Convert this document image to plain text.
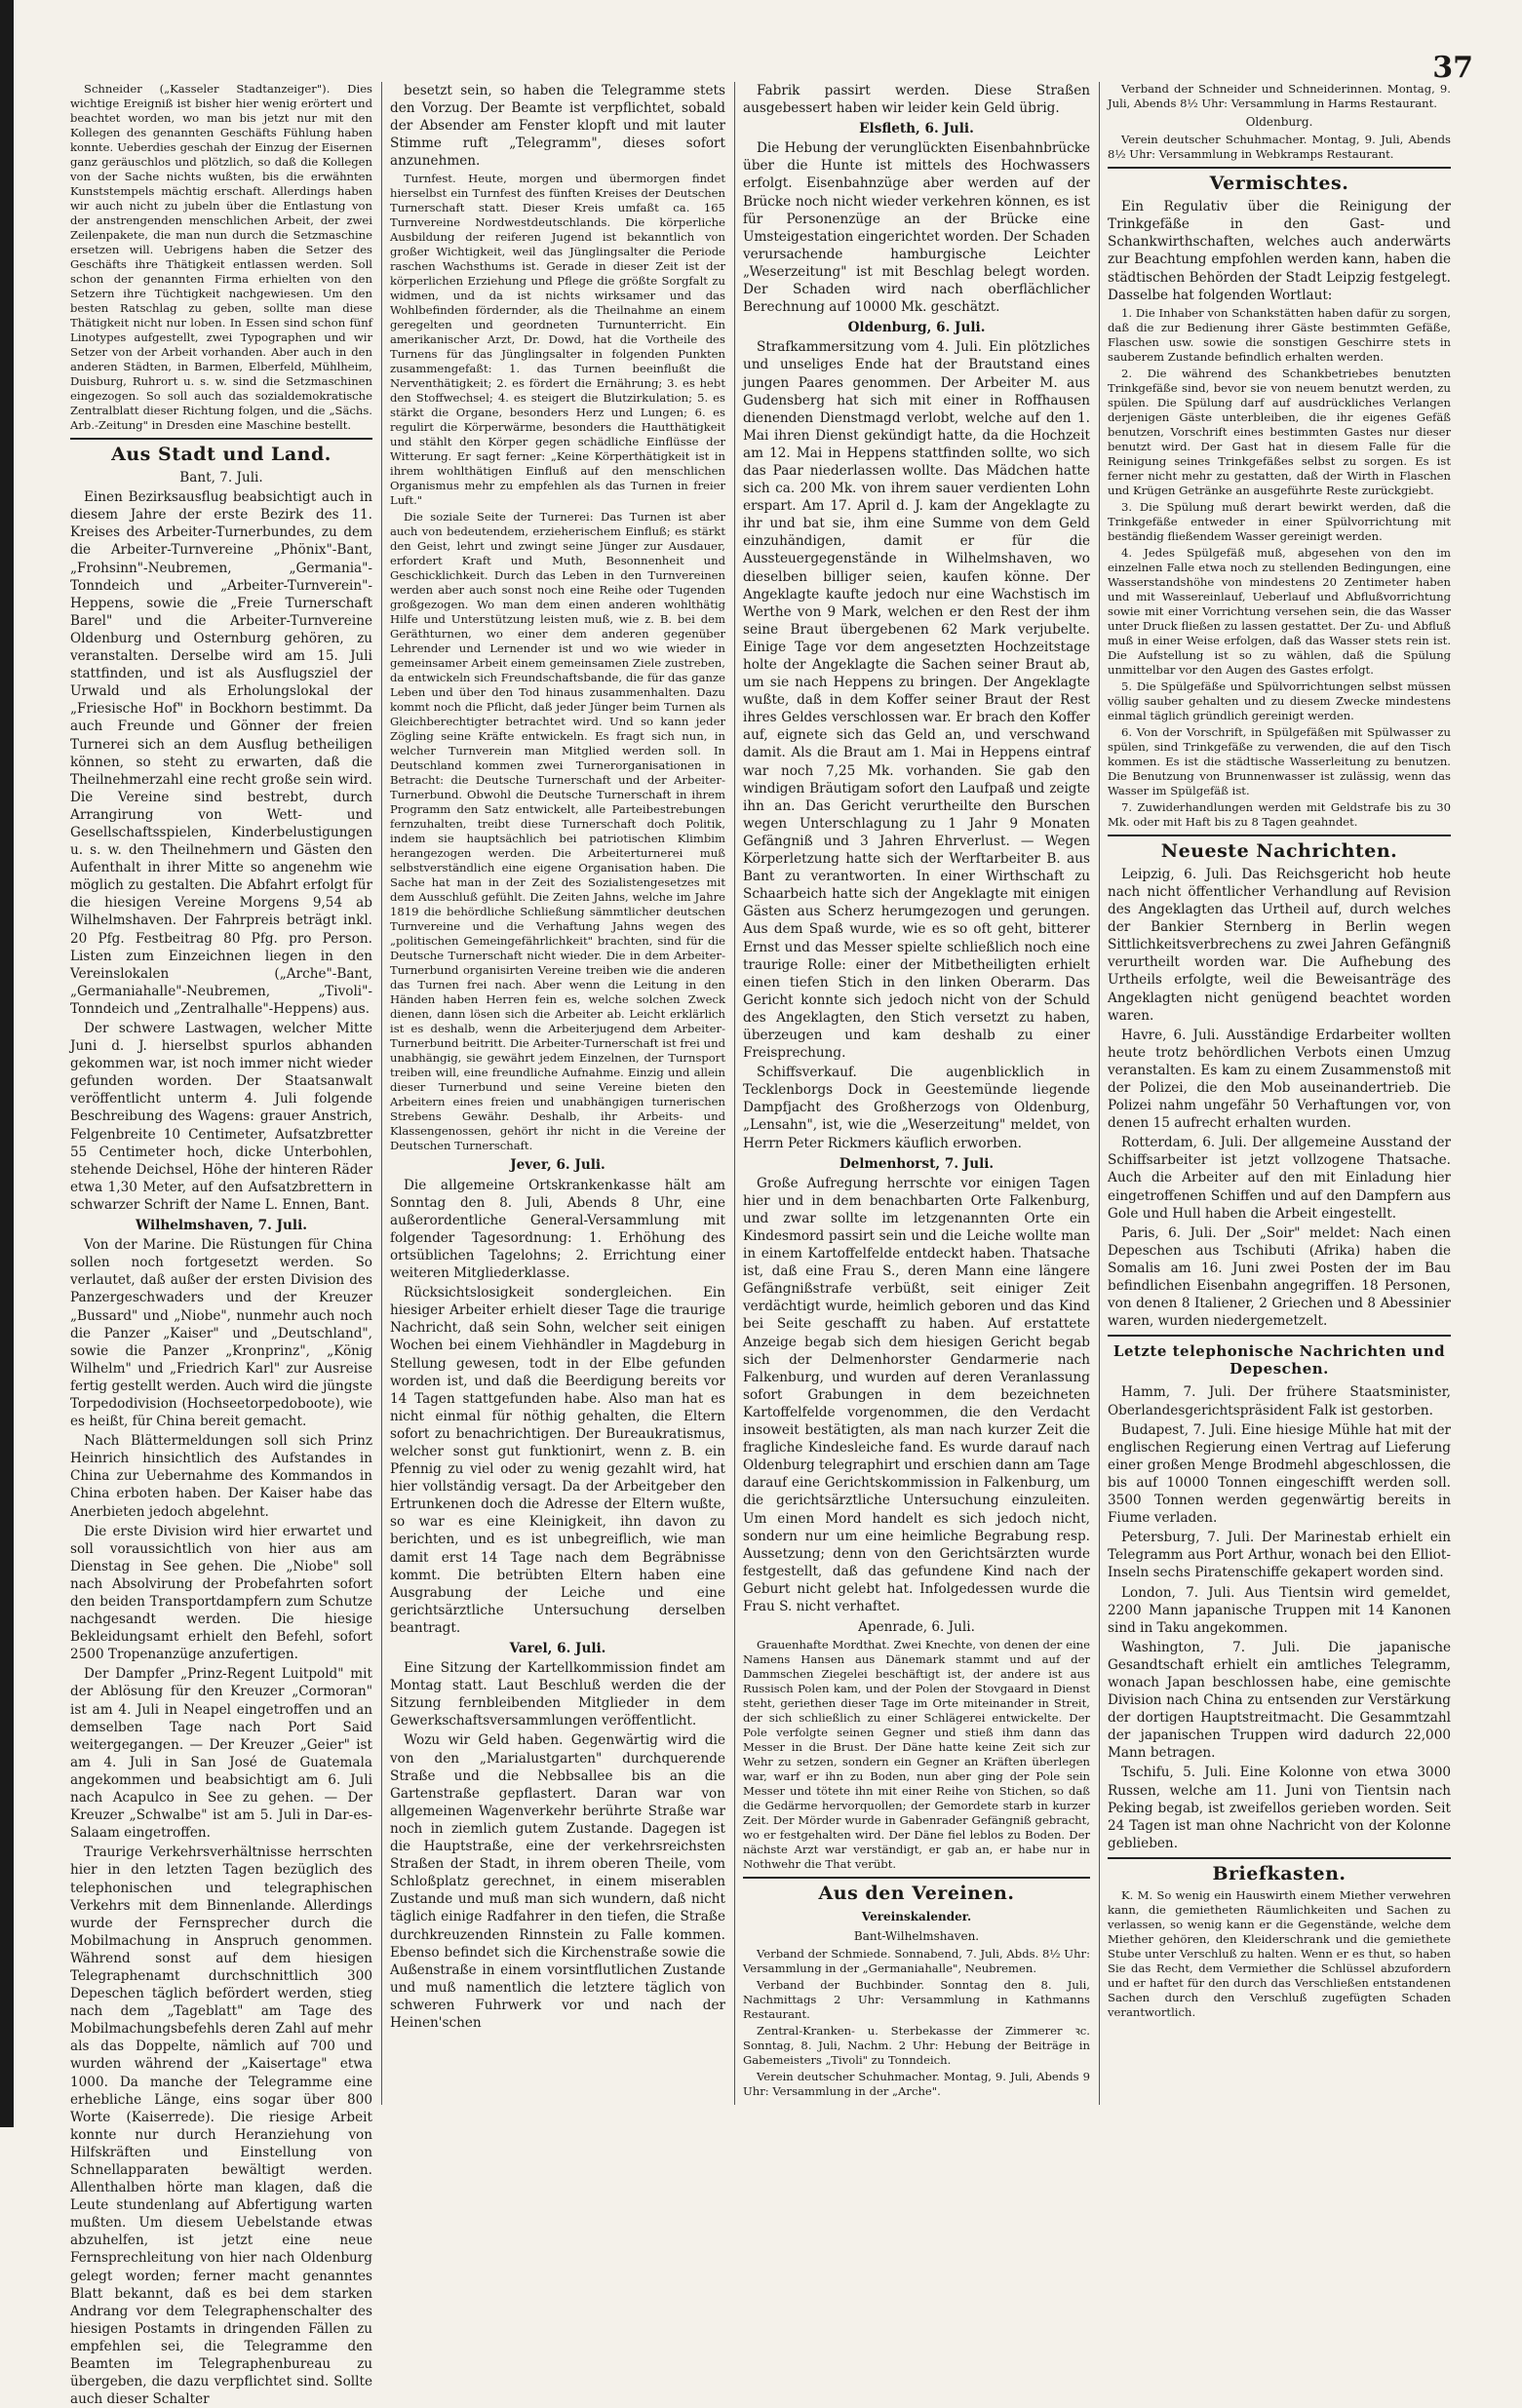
37

Schneider („Kasseler Stadtanzeiger"). Dies wichtige Ereigniß ist bisher hier wenig erörtert und beachtet worden, wo man bis jetzt nur mit den Kollegen des genannten Geschäfts Fühlung haben konnte. Ueberdies geschah der Einzug der Eisernen ganz geräuschlos und plötzlich, so daß die Kollegen von der Sache nichts wußten, bis die erwähnten Kunststempels mächtig erschaft. Allerdings haben wir auch nicht zu jubeln über die Entlastung von der anstrengenden menschlichen Arbeit, der zwei Zeilenpakete, die man nun durch die Setzmaschine ersetzen will. Uebrigens haben die Setzer des Geschäfts ihre Thätigkeit entlassen werden. Soll schon der genannten Firma erhielten von den Setzern ihre Tüchtigkeit nachgewiesen. Um den besten Ratschlag zu geben, sollte man diese Thätigkeit nicht nur loben. In Essen sind schon fünf Linotypes aufgestellt, zwei Typographen und wir Setzer von der Arbeit vorhanden. Aber auch in den anderen Städten, in Barmen, Elberfeld, Mühlheim, Duisburg, Ruhrort u. s. w. sind die Setzmaschinen eingezogen. So soll auch das sozialdemokratische Zentralblatt dieser Richtung folgen, und die „Sächs. Arb.-Zeitung" in Dresden eine Maschine bestellt.

Aus Stadt und Land.
Bant, 7. Juli.

Einen Bezirksausflug beabsichtigt auch in diesem Jahre der erste Bezirk des 11. Kreises des Arbeiter-Turnerbundes, zu dem die Arbeiter-Turnvereine „Phönix"-Bant, „Frohsinn"-Neubremen, „Germania"-Tonndeich und „Arbeiter-Turnverein"-Heppens, sowie die „Freie Turnerschaft Barel" und die Arbeiter-Turnvereine Oldenburg und Osternburg gehören, zu veranstalten. Derselbe wird am 15. Juli stattfinden, und ist als Ausflugsziel der Urwald und als Erholungslokal der „Friesische Hof" in Bockhorn bestimmt. Da auch Freunde und Gönner der freien Turnerei sich an dem Ausflug betheiligen können, so steht zu erwarten, daß die Theilnehmerzahl eine recht große sein wird. Die Vereine sind bestrebt, durch Arrangirung von Wett- und Gesellschaftsspielen, Kinderbelustigungen u. s. w. den Theilnehmern und Gästen den Aufenthalt in ihrer Mitte so angenehm wie möglich zu gestalten. Die Abfahrt erfolgt für die hiesigen Vereine Morgens 9,54 ab Wilhelmshaven. Der Fahrpreis beträgt inkl. 20 Pfg. Festbeitrag 80 Pfg. pro Person. Listen zum Einzeichnen liegen in den Vereinslokalen („Arche"-Bant, „Germaniahalle"-Neubremen, „Tivoli"-Tonndeich und „Zentralhalle"-Heppens) aus.

Der schwere Lastwagen, welcher Mitte Juni d. J. hierselbst spurlos abhanden gekommen war, ist noch immer nicht wieder gefunden worden. Der Staatsanwalt veröffentlicht unterm 4. Juli folgende Beschreibung des Wagens: grauer Anstrich, Felgenbreite 10 Centimeter, Aufsatzbretter 55 Centimeter hoch, dicke Unterbohlen, stehende Deichsel, Höhe der hinteren Räder etwa 1,30 Meter, auf den Aufsatzbrettern in schwarzer Schrift der Name L. Ennen, Bant.

Wilhelmshaven, 7. Juli.

Von der Marine. Die Rüstungen für China sollen noch fortgesetzt werden. So verlautet, daß außer der ersten Division des Panzergeschwaders und der Kreuzer „Bussard" und „Niobe", nunmehr auch noch die Panzer „Kaiser" und „Deutschland", sowie die Panzer „Kronprinz", „König Wilhelm" und „Friedrich Karl" zur Ausreise fertig gestellt werden. Auch wird die jüngste Torpedodivision (Hochseetorpedoboote), wie es heißt, für China bereit gemacht.

Nach Blättermeldungen soll sich Prinz Heinrich hinsichtlich des Aufstandes in China zur Uebernahme des Kommandos in China erboten haben. Der Kaiser habe das Anerbieten jedoch abgelehnt.

Die erste Division wird hier erwartet und soll voraussichtlich von hier aus am Dienstag in See gehen. Die „Niobe" soll nach Absolvirung der Probefahrten sofort den beiden Transportdampfern zum Schutze nachgesandt werden. Die hiesige Bekleidungsamt erhielt den Befehl, sofort 2500 Tropenanzüge anzufertigen.

Der Dampfer „Prinz-Regent Luitpold" mit der Ablösung für den Kreuzer „Cormoran" ist am 4. Juli in Neapel eingetroffen und an demselben Tage nach Port Said weitergegangen. — Der Kreuzer „Geier" ist am 4. Juli in San José de Guatemala angekommen und beabsichtigt am 6. Juli nach Acapulco in See zu gehen. — Der Kreuzer „Schwalbe" ist am 5. Juli in Dar-es-Salaam eingetroffen.

Traurige Verkehrsverhältnisse herrschten hier in den letzten Tagen bezüglich des telephonischen und telegraphischen Verkehrs mit dem Binnenlande. Allerdings wurde der Fernsprecher durch die Mobilmachung in Anspruch genommen. Während sonst auf dem hiesigen Telegraphenamt durchschnittlich 300 Depeschen täglich befördert werden, stieg nach dem „Tageblatt" am Tage des Mobilmachungsbefehls deren Zahl auf mehr als das Doppelte, nämlich auf 700 und wurden während der „Kaisertage" etwa 1000. Da manche der Telegramme eine erhebliche Länge, eins sogar über 800 Worte (Kaiserrede). Die riesige Arbeit konnte nur durch Heranziehung von Hilfskräften und Einstellung von Schnellapparaten bewältigt werden. Allenthalben hörte man klagen, daß die Leute stundenlang auf Abfertigung warten mußten. Um diesem Uebelstande etwas abzuhelfen, ist jetzt eine neue Fernsprechleitung von hier nach Oldenburg gelegt worden; ferner macht genanntes Blatt bekannt, daß es bei dem starken Andrang vor dem Telegraphenschalter des hiesigen Postamts in dringenden Fällen zu empfehlen sei, die Telegramme den Beamten im Telegraphenbureau zu übergeben, die dazu verpflichtet sind. Sollte auch dieser Schalter

besetzt sein, so haben die Telegramme stets den Vorzug. Der Beamte ist verpflichtet, sobald der Absender am Fenster klopft und mit lauter Stimme ruft „Telegramm", dieses sofort anzunehmen.

Turnfest. Heute, morgen und übermorgen findet hierselbst ein Turnfest des fünften Kreises der Deutschen Turnerschaft statt. Dieser Kreis umfaßt ca. 165 Turnvereine Nordwestdeutschlands. Die körperliche Ausbildung der reiferen Jugend ist bekanntlich von großer Wichtigkeit, weil das Jünglingsalter die Periode raschen Wachsthums ist. Gerade in dieser Zeit ist der körperlichen Erziehung und Pflege die größte Sorgfalt zu widmen, und da ist nichts wirksamer und das Wohlbefinden fördernder, als die Theilnahme an einem geregelten und geordneten Turnunterricht. Ein amerikanischer Arzt, Dr. Dowd, hat die Vortheile des Turnens für das Jünglingsalter in folgenden Punkten zusammengefaßt: 1. das Turnen beeinflußt die Nerventhätigkeit; 2. es fördert die Ernährung; 3. es hebt den Stoffwechsel; 4. es steigert die Blutzirkulation; 5. es stärkt die Organe, besonders Herz und Lungen; 6. es regulirt die Körperwärme, besonders die Hautthätigkeit und stählt den Körper gegen schädliche Einflüsse der Witterung. Er sagt ferner: „Keine Körperthätigkeit ist in ihrem wohlthätigen Einfluß auf den menschlichen Organismus mehr zu empfehlen als das Turnen in freier Luft."

Die soziale Seite der Turnerei: Das Turnen ist aber auch von bedeutendem, erzieherischem Einfluß; es stärkt den Geist, lehrt und zwingt seine Jünger zur Ausdauer, erfordert Kraft und Muth, Besonnenheit und Geschicklichkeit. Durch das Leben in den Turnvereinen werden aber auch sonst noch eine Reihe oder Tugenden großgezogen. Wo man dem einen anderen wohlthätig Hilfe und Unterstützung leisten muß, wie z. B. bei dem Geräthturnen, wo einer dem anderen gegenüber Lehrender und Lernender ist und wo wie wieder in gemeinsamer Arbeit einem gemeinsamen Ziele zustreben, da entwickeln sich Freundschaftsbande, die für das ganze Leben und über den Tod hinaus zusammenhalten. Dazu kommt noch die Pflicht, daß jeder Jünger beim Turnen als Gleichberechtigter betrachtet wird. Und so kann jeder Zögling seine Kräfte entwickeln. Es fragt sich nun, in welcher Turnverein man Mitglied werden soll. In Deutschland kommen zwei Turnerorganisationen in Betracht: die Deutsche Turnerschaft und der Arbeiter-Turnerbund. Obwohl die Deutsche Turnerschaft in ihrem Programm den Satz entwickelt, alle Parteibestrebungen fernzuhalten, treibt diese Turnerschaft doch Politik, indem sie hauptsächlich bei patriotischen Klimbim herangezogen werden. Die Arbeiterturnerei muß selbstverständlich eine eigene Organisation haben. Die Sache hat man in der Zeit des Sozialistengesetzes mit dem Ausschluß gefühlt. Die Zeiten Jahns, welche im Jahre 1819 die behördliche Schließung sämmtlicher deutschen Turnvereine und die Verhaftung Jahns wegen des „politischen Gemeingefährlichkeit" brachten, sind für die Deutsche Turnerschaft nicht wieder. Die in dem Arbeiter-Turnerbund organisirten Vereine treiben wie die anderen das Turnen frei nach. Aber wenn die Leitung in den Händen haben Herren fein es, welche solchen Zweck dienen, dann lösen sich die Arbeiter ab. Leicht erklärlich ist es deshalb, wenn die Arbeiterjugend dem Arbeiter-Turnerbund beitritt. Die Arbeiter-Turnerschaft ist frei und unabhängig, sie gewährt jedem Einzelnen, der Turnsport treiben will, eine freundliche Aufnahme. Einzig und allein dieser Turnerbund und seine Vereine bieten den Arbeitern eines freien und unabhängigen turnerischen Strebens Gewähr. Deshalb, ihr Arbeits- und Klassengenossen, gehört ihr nicht in die Vereine der Deutschen Turnerschaft.

Jever, 6. Juli.

Die allgemeine Ortskrankenkasse hält am Sonntag den 8. Juli, Abends 8 Uhr, eine außerordentliche General-Versammlung mit folgender Tagesordnung: 1. Erhöhung des ortsüblichen Tagelohns; 2. Errichtung einer weiteren Mitgliederklasse.

Rücksichtslosigkeit sondergleichen. Ein hiesiger Arbeiter erhielt dieser Tage die traurige Nachricht, daß sein Sohn, welcher seit einigen Wochen bei einem Viehhändler in Magdeburg in Stellung gewesen, todt in der Elbe gefunden worden ist, und daß die Beerdigung bereits vor 14 Tagen stattgefunden habe. Also man hat es nicht einmal für nöthig gehalten, die Eltern sofort zu benachrichtigen. Der Bureaukratismus, welcher sonst gut funktionirt, wenn z. B. ein Pfennig zu viel oder zu wenig gezahlt wird, hat hier vollständig versagt. Da der Arbeitgeber den Ertrunkenen doch die Adresse der Eltern wußte, so war es eine Kleinigkeit, ihn davon zu berichten, und es ist unbegreiflich, wie man damit erst 14 Tage nach dem Begräbnisse kommt. Die betrübten Eltern haben eine Ausgrabung der Leiche und eine gerichtsärztliche Untersuchung derselben beantragt.

Varel, 6. Juli.

Eine Sitzung der Kartellkommission findet am Montag statt. Laut Beschluß werden die der Sitzung fernbleibenden Mitglieder in dem Gewerkschaftsversammlungen veröffentlicht.

Wozu wir Geld haben. Gegenwärtig wird die von den „Marialustgarten" durchquerende Straße und die Nebbsallee bis an die Gartenstraße gepflastert. Daran war von allgemeinen Wagenverkehr berührte Straße war noch in ziemlich gutem Zustande. Dagegen ist die Hauptstraße, eine der verkehrsreichsten Straßen der Stadt, in ihrem oberen Theile, vom Schloßplatz gerechnet, in einem miserablen Zustande und muß man sich wundern, daß nicht täglich einige Radfahrer in den tiefen, die Straße durchkreuzenden Rinnstein zu Falle kommen. Ebenso befindet sich die Kirchenstraße sowie die Außenstraße in einem vorsintflutlichen Zustande und muß namentlich die letztere täglich von schweren Fuhrwerk vor und nach der Heinen'schen

Fabrik passirt werden. Diese Straßen ausgebessert haben wir leider kein Geld übrig.

Elsfleth, 6. Juli.

Die Hebung der verunglückten Eisenbahnbrücke über die Hunte ist mittels des Hochwassers erfolgt. Eisenbahnzüge aber werden auf der Brücke noch nicht wieder verkehren können, es ist für Personenzüge an der Brücke eine Umsteigestation eingerichtet worden. Der Schaden verursachende hamburgische Leichter „Weserzeitung" ist mit Beschlag belegt worden. Der Schaden wird nach oberflächlicher Berechnung auf 10000 Mk. geschätzt.

Oldenburg, 6. Juli.

Strafkammersitzung vom 4. Juli. Ein plötzliches und unseliges Ende hat der Brautstand eines jungen Paares genommen. Der Arbeiter M. aus Gudensberg hat sich mit einer in Roffhausen dienenden Dienstmagd verlobt, welche auf den 1. Mai ihren Dienst gekündigt hatte, da die Hochzeit am 12. Mai in Heppens stattfinden sollte, wo sich das Paar niederlassen wollte. Das Mädchen hatte sich ca. 200 Mk. von ihrem sauer verdienten Lohn erspart. Am 17. April d. J. kam der Angeklagte zu ihr und bat sie, ihm eine Summe von dem Geld einzuhändigen, damit er für die Aussteuergegenstände in Wilhelmshaven, wo dieselben billiger seien, kaufen könne. Der Angeklagte kaufte jedoch nur eine Wachstisch im Werthe von 9 Mark, welchen er den Rest der ihm seine Braut übergebenen 62 Mark verjubelte. Einige Tage vor dem angesetzten Hochzeitstage holte der Angeklagte die Sachen seiner Braut ab, um sie nach Heppens zu bringen. Der Angeklagte wußte, daß in dem Koffer seiner Braut der Rest ihres Geldes verschlossen war. Er brach den Koffer auf, eignete sich das Geld an, und verschwand damit. Als die Braut am 1. Mai in Heppens eintraf war noch 7,25 Mk. vorhanden. Sie gab den windigen Bräutigam sofort den Laufpaß und zeigte ihn an. Das Gericht verurtheilte den Burschen wegen Unterschlagung zu 1 Jahr 9 Monaten Gefängniß und 3 Jahren Ehrverlust. — Wegen Körperletzung hatte sich der Werftarbeiter B. aus Bant zu verantworten. In einer Wirthschaft zu Schaarbeich hatte sich der Angeklagte mit einigen Gästen aus Scherz herumgezogen und gerungen. Aus dem Spaß wurde, wie es so oft geht, bitterer Ernst und das Messer spielte schließlich noch eine traurige Rolle: einer der Mitbetheiligten erhielt einen tiefen Stich in den linken Oberarm. Das Gericht konnte sich jedoch nicht von der Schuld des Angeklagten, den Stich versetzt zu haben, überzeugen und kam deshalb zu einer Freisprechung.

Schiffsverkauf. Die augenblicklich in Tecklenborgs Dock in Geestemünde liegende Dampfjacht des Großherzogs von Oldenburg, „Lensahn", ist, wie die „Weserzeitung" meldet, von Herrn Peter Rickmers käuflich erworben.

Delmenhorst, 7. Juli.

Große Aufregung herrschte vor einigen Tagen hier und in dem benachbarten Orte Falkenburg, und zwar sollte im letzgenannten Orte ein Kindesmord passirt sein und die Leiche wollte man in einem Kartoffelfelde entdeckt haben. Thatsache ist, daß eine Frau S., deren Mann eine längere Gefängnißstrafe verbüßt, seit einiger Zeit verdächtigt wurde, heimlich geboren und das Kind bei Seite geschafft zu haben. Auf erstattete Anzeige begab sich dem hiesigen Gericht begab sich der Delmenhorster Gendarmerie nach Falkenburg, und wurden auf deren Veranlassung sofort Grabungen in dem bezeichneten Kartoffelfelde vorgenommen, die den Verdacht insoweit bestätigten, als man nach kurzer Zeit die fragliche Kindesleiche fand. Es wurde darauf nach Oldenburg telegraphirt und erschien dann am Tage darauf eine Gerichtskommission in Falkenburg, um die gerichtsärztliche Untersuchung einzuleiten. Um einen Mord handelt es sich jedoch nicht, sondern nur um eine heimliche Begrabung resp. Aussetzung; denn von den Gerichtsärzten wurde festgestellt, daß das gefundene Kind nach der Geburt nicht gelebt hat. Infolgedessen wurde die Frau S. nicht verhaftet.

Apenrade, 6. Juli.

Grauenhafte Mordthat. Zwei Knechte, von denen der eine Namens Hansen aus Dänemark stammt und auf der Dammschen Ziegelei beschäftigt ist, der andere ist aus Russisch Polen kam, und der Polen der Stovgaard in Dienst steht, geriethen dieser Tage im Orte miteinander in Streit, der sich schließlich zu einer Schlägerei entwickelte. Der Pole verfolgte seinen Gegner und stieß ihm dann das Messer in die Brust. Der Däne hatte keine Zeit sich zur Wehr zu setzen, sondern ein Gegner an Kräften überlegen war, warf er ihn zu Boden, nun aber ging der Pole sein Messer und tötete ihn mit einer Reihe von Stichen, so daß die Gedärme hervorquollen; der Gemordete starb in kurzer Zeit. Der Mörder wurde in Gabenrader Gefängniß gebracht, wo er festgehalten wird. Der Däne fiel leblos zu Boden. Der nächste Arzt war verständigt, er gab an, er habe nur in Nothwehr die That verübt.

Aus den Vereinen.
Vereinskalender.
Bant-Wilhelmshaven.

Verband der Schmiede. Sonnabend, 7. Juli, Abds. 8½ Uhr: Versammlung in der „Germaniahalle", Neubremen.

Verband der Buchbinder. Sonntag den 8. Juli, Nachmittags 2 Uhr: Versammlung in Kathmanns Restaurant.

Zentral-Kranken- u. Sterbekasse der Zimmerer ꝛc. Sonntag, 8. Juli, Nachm. 2 Uhr: Hebung der Beiträge in Gabemeisters „Tivoli" zu Tonndeich.

Verein deutscher Schuhmacher. Montag, 9. Juli, Abends 9 Uhr: Versammlung in der „Arche".

Verband der Schneider und Schneiderinnen. Montag, 9. Juli, Abends 8½ Uhr: Versammlung in Harms Restaurant.

Oldenburg.

Verein deutscher Schuhmacher. Montag, 9. Juli, Abends 8½ Uhr: Versammlung in Webkramps Restaurant.

Vermischtes.

Ein Regulativ über die Reinigung der Trinkgefäße in den Gast- und Schankwirthschaften, welches auch anderwärts zur Beachtung empfohlen werden kann, haben die städtischen Behörden der Stadt Leipzig festgelegt. Dasselbe hat folgenden Wortlaut:

1. Die Inhaber von Schankstätten haben dafür zu sorgen, daß die zur Bedienung ihrer Gäste bestimmten Gefäße, Flaschen usw. sowie die sonstigen Geschirre stets in sauberem Zustande befindlich erhalten werden.

2. Die während des Schankbetriebes benutzten Trinkgefäße sind, bevor sie von neuem benutzt werden, zu spülen. Die Spülung darf auf ausdrückliches Verlangen derjenigen Gäste unterbleiben, die ihr eigenes Gefäß benutzen, Vorschrift eines bestimmten Gastes nur dieser benutzt wird. Der Gast hat in diesem Falle für die Reinigung seines Trinkgefäßes selbst zu sorgen. Es ist ferner nicht mehr zu gestatten, daß der Wirth in Flaschen und Krügen Getränke an ausgeführte Reste zurückgiebt.

3. Die Spülung muß derart bewirkt werden, daß die Trinkgefäße entweder in einer Spülvorrichtung mit beständig fließendem Wasser gereinigt werden.

4. Jedes Spülgefäß muß, abgesehen von den im einzelnen Falle etwa noch zu stellenden Bedingungen, eine Wasserstandshöhe von mindestens 20 Zentimeter haben und mit Wassereinlauf, Ueberlauf und Abflußvorrichtung sowie mit einer Vorrichtung versehen sein, die das Wasser unter Druck fließen zu lassen gestattet. Der Zu- und Abfluß muß in einer Weise erfolgen, daß das Wasser stets rein ist. Die Aufstellung ist so zu wählen, daß die Spülung unmittelbar vor den Augen des Gastes erfolgt.

5. Die Spülgefäße und Spülvorrichtungen selbst müssen völlig sauber gehalten und zu diesem Zwecke mindestens einmal täglich gründlich gereinigt werden.

6. Von der Vorschrift, in Spülgefäßen mit Spülwasser zu spülen, sind Trinkgefäße zu verwenden, die auf den Tisch kommen. Es ist die städtische Wasserleitung zu benutzen. Die Benutzung von Brunnenwasser ist zulässig, wenn das Wasser im Spülgefäß ist.

7. Zuwiderhandlungen werden mit Geldstrafe bis zu 30 Mk. oder mit Haft bis zu 8 Tagen geahndet.

Neueste Nachrichten.

Leipzig, 6. Juli. Das Reichsgericht hob heute nach nicht öffentlicher Verhandlung auf Revision des Angeklagten das Urtheil auf, durch welches der Bankier Sternberg in Berlin wegen Sittlichkeitsverbrechens zu zwei Jahren Gefängniß verurtheilt worden war. Die Aufhebung des Urtheils erfolgte, weil die Beweisanträge des Angeklagten nicht genügend beachtet worden waren.

Havre, 6. Juli. Ausständige Erdarbeiter wollten heute trotz behördlichen Verbots einen Umzug veranstalten. Es kam zu einem Zusammenstoß mit der Polizei, die den Mob auseinandertrieb. Die Polizei nahm ungefähr 50 Verhaftungen vor, von denen 15 aufrecht erhalten wurden.

Rotterdam, 6. Juli. Der allgemeine Ausstand der Schiffsarbeiter ist jetzt vollzogene Thatsache. Auch die Arbeiter auf den mit Einladung hier eingetroffenen Schiffen und auf den Dampfern aus Gole und Hull haben die Arbeit eingestellt.

Paris, 6. Juli. Der „Soir" meldet: Nach einen Depeschen aus Tschibuti (Afrika) haben die Somalis am 16. Juni zwei Posten der im Bau befindlichen Eisenbahn angegriffen. 18 Personen, von denen 8 Italiener, 2 Griechen und 8 Abessinier waren, wurden niedergemetzelt.

Letzte telephonische Nachrichten und Depeschen.

Hamm, 7. Juli. Der frühere Staatsminister, Oberlandesgerichtspräsident Falk ist gestorben.

Budapest, 7. Juli. Eine hiesige Mühle hat mit der englischen Regierung einen Vertrag auf Lieferung einer großen Menge Brodmehl abgeschlossen, die bis auf 10000 Tonnen eingeschifft werden soll. 3500 Tonnen werden gegenwärtig bereits in Fiume verladen.

Petersburg, 7. Juli. Der Marinestab erhielt ein Telegramm aus Port Arthur, wonach bei den Elliot-Inseln sechs Piratenschiffe gekapert worden sind.

London, 7. Juli. Aus Tientsin wird gemeldet, 2200 Mann japanische Truppen mit 14 Kanonen sind in Taku angekommen.

Washington, 7. Juli. Die japanische Gesandtschaft erhielt ein amtliches Telegramm, wonach Japan beschlossen habe, eine gemischte Division nach China zu entsenden zur Verstärkung der dortigen Hauptstreitmacht. Die Gesammtzahl der japanischen Truppen wird dadurch 22,000 Mann betragen.

Tschifu, 5. Juli. Eine Kolonne von etwa 3000 Russen, welche am 11. Juni von Tientsin nach Peking begab, ist zweifellos gerieben worden. Seit 24 Tagen ist man ohne Nachricht von der Kolonne geblieben.

Briefkasten.

K. M. So wenig ein Hauswirth einem Miether verwehren kann, die gemietheten Räumlichkeiten und Sachen zu verlassen, so wenig kann er die Gegenstände, welche dem Miether gehören, den Kleiderschrank und die gemiethete Stube unter Verschluß zu halten. Wenn er es thut, so haben Sie das Recht, dem Vermiether die Schlüssel abzufordern und er haftet für den durch das Verschließen entstandenen Sachen durch den Verschluß zugefügten Schaden verantwortlich.
